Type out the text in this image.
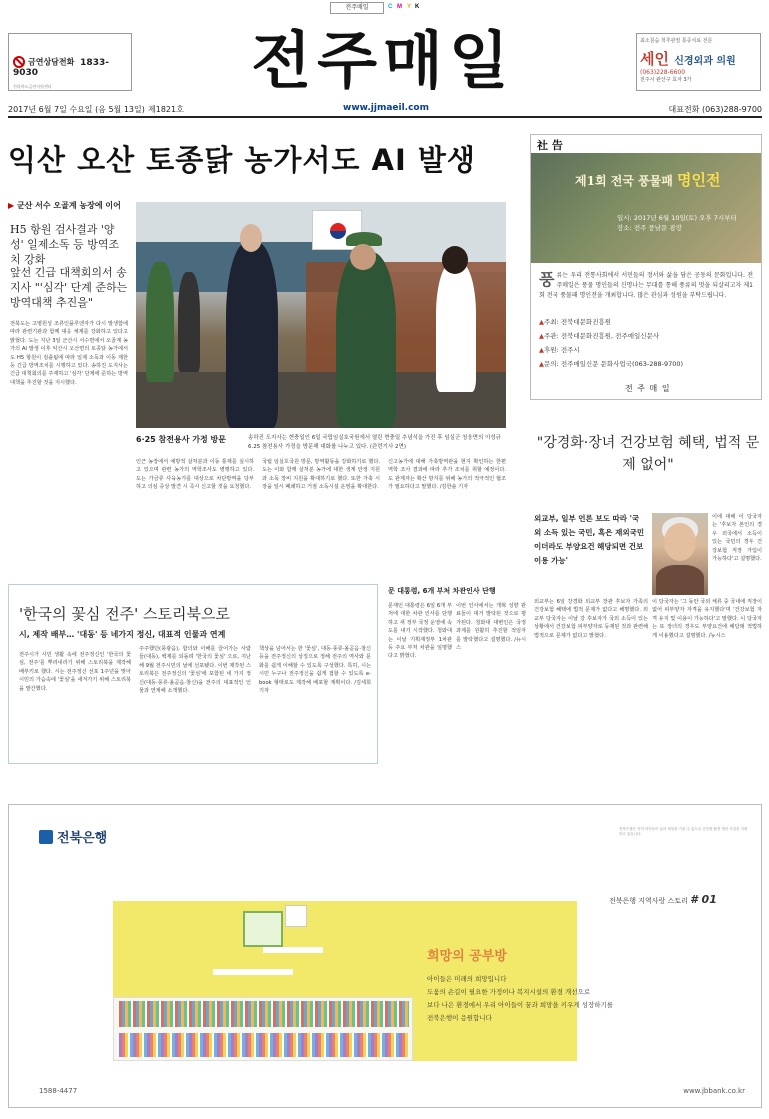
전주매일	C M Y K
금연상담전화 1833-9030
전라북도금연지원센터	전주매일	최소침습 척추관절 통증치료 전문
세인 신경외과 의원
(063)228-6600
전주시 완산구 효자 3가
2017년 6월 7일 수요일 (음 5월 13일) 제1821호	www.jjmaeil.com	대표전화 (063)288-9700
익산 오산 토종닭 농가서도 AI 발생
▶ 군산 서수 오골계 농장에 이어
H5 항원 검사결과 '양성' 일제소독 등 방역조치 강화
앞선 긴급 대책회의서 송 지사 "'심각' 단계 준하는 방역대책 추진을"
전북도는 고병원성 조류인플루엔자가 다시 발생함에 따라 관련기관과 함께 대응 체계를 강화하고 있다고 밝혔다. 도는 지난 3일 군산시 서수면에서 오골계 농가의 AI 발생 이후 익산시 오산면의 토종닭 농가에서도 H5 항원이 검출됨에 따라 일제 소독과 이동 제한 등 긴급 방역조치를 시행하고 있다. 송하진 도지사는 긴급 대책회의를 주재하고 '심각' 단계에 준하는 방역대책을 추진할 것을 지시했다.
6·25 참전용사 가정 방문	송하진 도지사는 현충일인 6일 국립임실호국원에서 열린 현충일 추념식을 가진 후 임실군 청웅면의 이성규 6.25 참전용사 가정을 방문해 대화를 나누고 있다. (관련기사 2면)
인근 농장에서 예방적 살처분과 이동 통제를 실시하고 있으며 관련 농가의 역학조사도 병행하고 있다. 도는 가금류 사육농가를 대상으로 차단방역을 당부하고 의심 증상 발견 시 즉시 신고할 것을 요청했다.
국립 임실호국원 방문, 방역활동을 강화하기로 했다. 도는 이와 함께 살처분 농가에 대한 생계 안정 지원과 소독 장비 지원을 확대하기로 했다. 또한 가축 시장을 일시 폐쇄하고 거점 소독시설 운영을 확대한다.
신고농가에 대해 가축방역관을 현지 확인하는 한편 역학 조사 결과에 따라 추가 조치를 취할 예정이다. 도 관계자는 확산 방지를 위해 농가의 적극적인 협조가 필요하다고 말했다. /김한솔 기자
社 告
제1회 전국 풍물패 명인전
일시: 2017년 6월 10일(토) 오후 7시부터
장소: 전주 풍남문 광장
풍류는 우리 전통사회에서 서민들의 정서와 삶을 담은 공동의 문화입니다. 전주매일은 풍물 명인들의 신명나는 무대를 통해 풍류의 멋을 되살리고자 제1회 전국 풍물패 명인전을 개최합니다. 많은 관심과 성원을 부탁드립니다.
▲주최: 전북대문화진흥원
▲주관: 전북대문화진흥원, 전주매일신문사
▲후원: 전주시
▲문의: 전주매일신문 문화사업국(063-288-9700)
전 주 매 일
"강경화·장녀 건강보험 혜택, 법적 문제 없어"
외교부, 일부 언론 보도 따라 '국외 소득 있는 국민, 혹은 재외국민이더라도 부양요건 해당되면 건보 이용 가능'
이에 대해 이 당국자는 '후보자 본인의 경우 외국에서 소득이 있는 국민의 경우 건강보험 직장 가입이 가능하다'고 설명했다.
외교부는 6일 강경화 외교부 장관 후보자 가족의 건강보험 혜택에 법적 문제가 없다고 해명했다. 외교부 당국자는 이날 강 후보자가 국외 소득이 있는 상황에서 건강보험 피부양자로 등재된 것과 관련해 법적으로 문제가 없다고 밝혔다.
이 당국자는 '그 동안 국외 체류 중 국내에 직장이 없어 피부양자 자격을 유지했다'며 '건강보험 자격 유지 및 이용이 가능하다'고 말했다. 이 당국자는 또 장녀의 경우도 부양요건에 해당돼 적법하게 이용했다고 설명했다. /뉴시스
'한국의 꽃심 전주' 스토리북으로
시, 제작 배부… '대동' 등 네가지 정신, 대표적 인물과 연계
전주시가 시민 생활 속에 전주정신인 '한국의 꽃심, 전주'를 뿌리내리기 위해 스토리북을 제작해 배부키로 했다. 시는 전주정신 선포 1주년을 맞아 시민의 가슴속에 '꽃심'을 새겨가기 위해 스토리북을 발간했다.
주주했던(풍광음), 합의와 이해를 끌어가는 사람들(대동), 백제를 되돌려 '한국의 꽃심' 으로, 지난해 9월 전주시민의 날에 선포됐다. 이번 제작된 스토리북은 전주정신의 '꽃심'에 포함된 네 가지 정신(대동·풍류·올곧음·창신)을 전주의 대표적인 인물과 연계해 소개했다.
책상을 넘어서는 한 '꽃심', 대동·풍류·올곧음·창신 등을 전주정신의 상징으로 정해 전주의 역사와 문화를 쉽게 이해할 수 있도록 구성했다. 특히, 시는 시민 누구나 전주정신을 쉽게 접할 수 있도록 e-book 형태로도 제작해 배포할 계획이다. /김세희 기자
문 대통령, 6개 부처 차관인사 단행
문재인 대통령은 6일 6개 부처에 대한 차관 인사를 단행하고 새 정부 국정 운영에 속도를 내기 시작했다. 청와대는 이날 기획재정부 1차관 등 주요 부처 차관을 임명했다고 밝혔다.
이번 인사에서는 개혁 성향 관료들이 대거 발탁된 것으로 평가된다. 청와대 대변인은 국정과제를 원활히 추진할 적임자를 발탁했다고 설명했다. /뉴시스
전북은행
전북은행은 지역 아이들이 꿈과 희망을 키울 수 있도록 공부방 환경 개선 사업을 지원하고 있습니다.
전북은행 지역사랑 스토리 # 01
희망의 공부방
아이들은 미래의 희망입니다
도움의 손길이 필요한 가정이나 복지시설의 환경 개선으로
보다 나은 환경에서 우리 아이들이 꿈과 희망을 키우게 성장하기를
전북은행이 응원합니다
1588-4477	www.jbbank.co.kr
